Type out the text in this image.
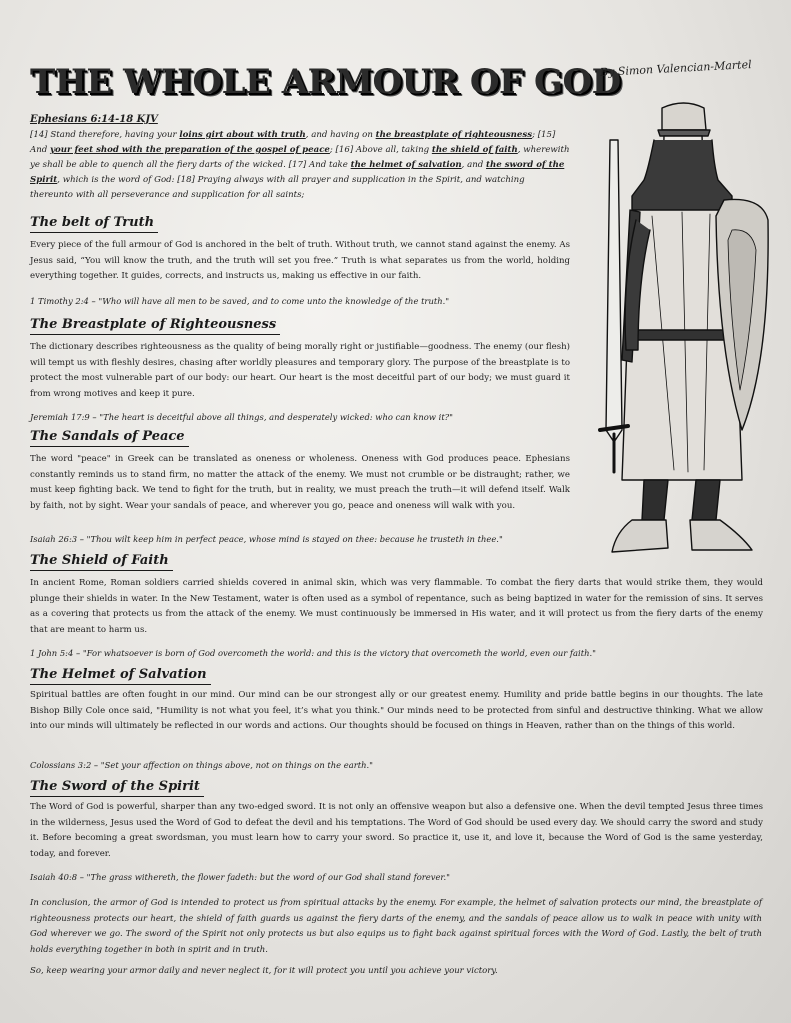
THE WHOLE ARMOUR OF GOD
By Simon Valencian-Martel

Ephesians 6:14-18 KJV

[14] Stand therefore, having your loins girt about with truth, and having on the breastplate of righteousness; [15] And your feet shod with the preparation of the gospel of peace; [16] Above all, taking the shield of faith, wherewith ye shall be able to quench all the fiery darts of the wicked. [17] And take the helmet of salvation, and the sword of the Spirit, which is the word of God: [18] Praying always with all prayer and supplication in the Spirit, and watching thereunto with all perseverance and supplication for all saints;

The belt of Truth

Every piece of the full armour of God is anchored in the belt of truth. Without truth, we cannot stand against the enemy. As Jesus said, “You will know the truth, and the truth will set you free.” Truth is what separates us from the world, holding everything together. It guides, corrects, and instructs us, making us effective in our faith.

1 Timothy 2:4 – "Who will have all men to be saved, and to come unto the knowledge of the truth."

The Breastplate of Righteousness

The dictionary describes righteousness as the quality of being morally right or justifiable—goodness. The enemy (our flesh) will tempt us with fleshly desires, chasing after worldly pleasures and temporary glory. The purpose of the breastplate is to protect the most vulnerable part of our body: our heart. Our heart is the most deceitful part of our body; we must guard it from wrong motives and keep it pure.

Jeremiah 17:9 – "The heart is deceitful above all things, and desperately wicked: who can know it?"

The Sandals of Peace

The word "peace" in Greek can be translated as oneness or wholeness. Oneness with God produces peace. Ephesians constantly reminds us to stand firm, no matter the attack of the enemy. We must not crumble or be distraught; rather, we must keep fighting back. We tend to fight for the truth, but in reality, we must preach the truth—it will defend itself. Walk by faith, not by sight. Wear your sandals of peace, and wherever you go, peace and oneness will walk with you.

Isaiah 26:3 – "Thou wilt keep him in perfect peace, whose mind is stayed on thee: because he trusteth in thee."

The Shield of Faith

In ancient Rome, Roman soldiers carried shields covered in animal skin, which was very flammable. To combat the fiery darts that would strike them, they would plunge their shields in water. In the New Testament, water is often used as a symbol of repentance, such as being baptized in water for the remission of sins. It serves as a covering that protects us from the attack of the enemy. We must continuously be immersed in His water, and it will protect us from the fiery darts of the enemy that are meant to harm us.

1 John 5:4 – "For whatsoever is born of God overcometh the world: and this is the victory that overcometh the world, even our faith."

The Helmet of Salvation

Spiritual battles are often fought in our mind. Our mind can be our strongest ally or our greatest enemy. Humility and pride battle begins in our thoughts. The late Bishop Billy Cole once said, "Humility is not what you feel, it’s what you think." Our minds need to be protected from sinful and destructive thinking. What we allow into our minds will ultimately be reflected in our words and actions. Our thoughts should be focused on things in Heaven, rather than on the things of this world.

Colossians 3:2 – "Set your affection on things above, not on things on the earth."

The Sword of the Spirit

The Word of God is powerful, sharper than any two-edged sword. It is not only an offensive weapon but also a defensive one. When the devil tempted Jesus three times in the wilderness, Jesus used the Word of God to defeat the devil and his temptations. The Word of God should be used every day. We should carry the sword and study it. Before becoming a great swordsman, you must learn how to carry your sword. So practice it, use it, and love it, because the Word of God is the same yesterday, today, and forever.

Isaiah 40:8 – "The grass withereth, the flower fadeth: but the word of our God shall stand forever."

In conclusion, the armor of God is intended to protect us from spiritual attacks by the enemy. For example, the helmet of salvation protects our mind, the breastplate of righteousness protects our heart, the shield of faith guards us against the fiery darts of the enemy, and the sandals of peace allow us to walk in peace with unity with God wherever we go. The sword of the Spirit not only protects us but also equips us to fight back against spiritual forces with the Word of God. Lastly, the belt of truth holds everything together in both in spirit and in truth.

So, keep wearing your armor daily and never neglect it, for it will protect you until you achieve your victory.
